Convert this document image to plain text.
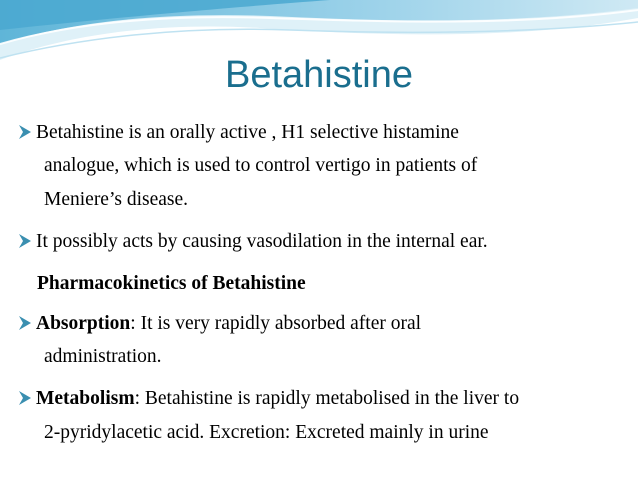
Betahistine
Betahistine is an orally active , H1 selective histamine
analogue, which is used to control vertigo in patients of
Meniere’s disease.
It possibly acts by causing vasodilation in the internal ear.
Pharmacokinetics of Betahistine
Absorption: It is very rapidly absorbed after oral
administration.
Metabolism: Betahistine is rapidly metabolised in the liver to
2-pyridylacetic acid. Excretion: Excreted mainly in urine
